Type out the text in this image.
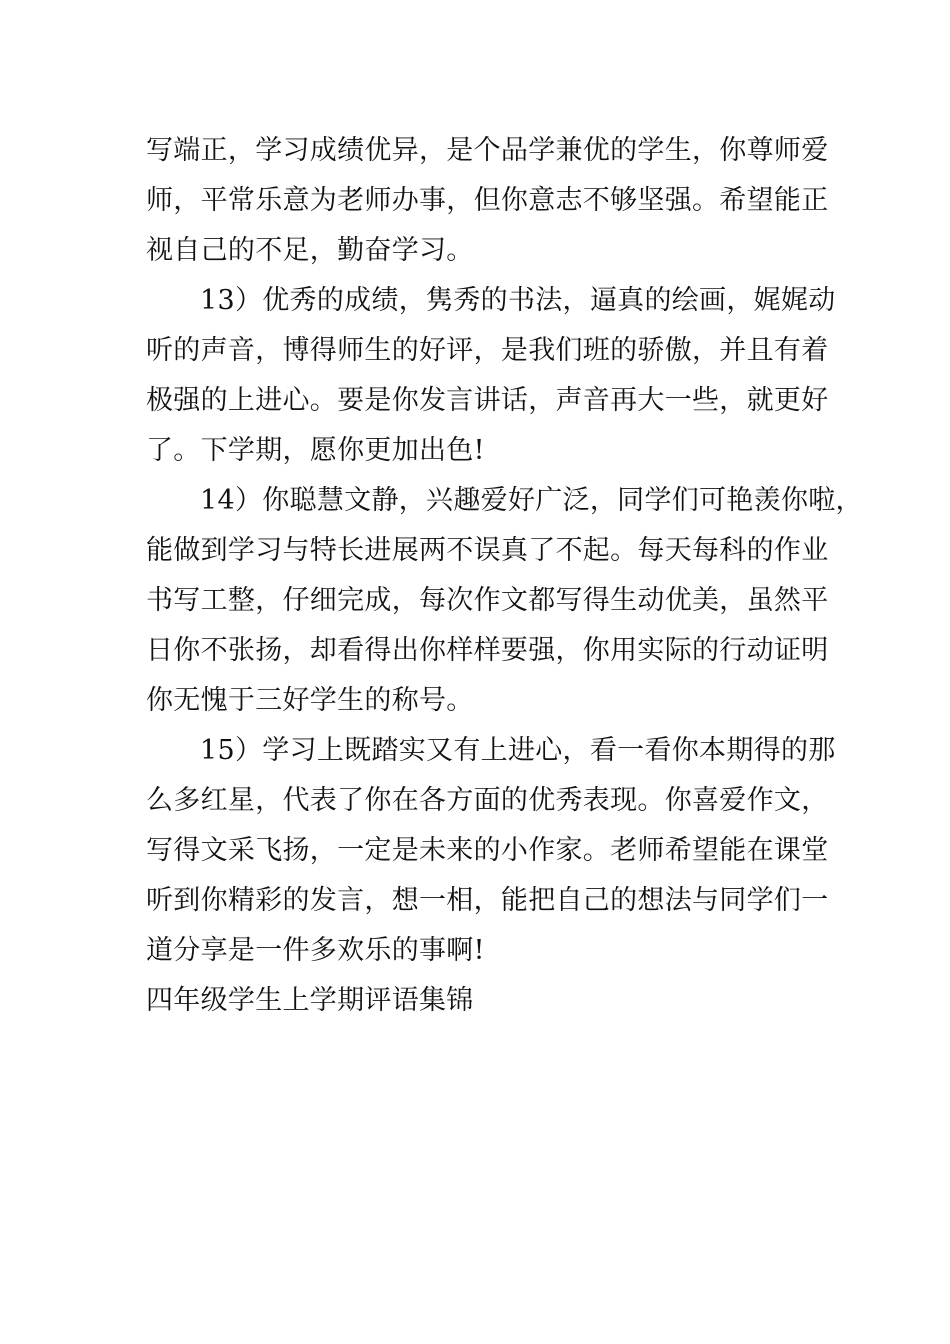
写端正，学习成绩优异，是个品学兼优的学生，你尊师爱
师，平常乐意为老师办事，但你意志不够坚强。希望能正
视自己的不足，勤奋学习。
13）优秀的成绩，隽秀的书法，逼真的绘画，娓娓动
听的声音，博得师生的好评，是我们班的骄傲，并且有着
极强的上进心。要是你发言讲话，声音再大一些，就更好
了。下学期，愿你更加出色!
14）你聪慧文静，兴趣爱好广泛，同学们可艳羡你啦，
能做到学习与特长进展两不误真了不起。每天每科的作业
书写工整，仔细完成，每次作文都写得生动优美，虽然平
日你不张扬，却看得出你样样要强，你用实际的行动证明
你无愧于三好学生的称号。
15）学习上既踏实又有上进心，看一看你本期得的那
么多红星，代表了你在各方面的优秀表现。你喜爱作文，
写得文采飞扬，一定是未来的小作家。老师希望能在课堂
听到你精彩的发言，想一相，能把自己的想法与同学们一
道分享是一件多欢乐的事啊!
四年级学生上学期评语集锦
